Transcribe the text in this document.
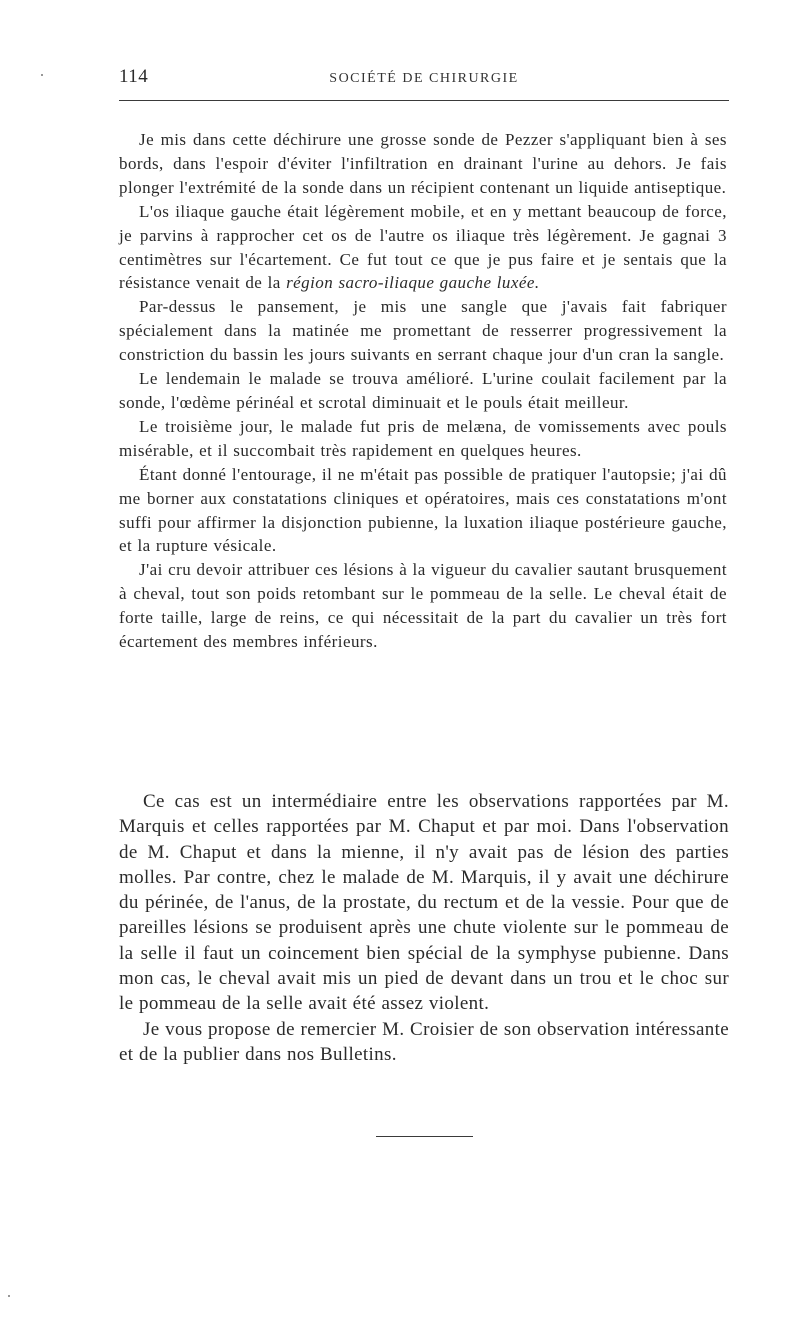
114	SOCIÉTÉ DE CHIRURGIE

Je mis dans cette déchirure une grosse sonde de Pezzer s'appliquant bien à ses bords, dans l'espoir d'éviter l'infiltration en drainant l'urine au dehors. Je fais plonger l'extrémité de la sonde dans un récipient contenant un liquide antiseptique.

L'os iliaque gauche était légèrement mobile, et en y mettant beaucoup de force, je parvins à rapprocher cet os de l'autre os iliaque très légèrement. Je gagnai 3 centimètres sur l'écartement. Ce fut tout ce que je pus faire et je sentais que la résistance venait de la région sacro-iliaque gauche luxée.

Par-dessus le pansement, je mis une sangle que j'avais fait fabriquer spécialement dans la matinée me promettant de resserrer progressivement la constriction du bassin les jours suivants en serrant chaque jour d'un cran la sangle.

Le lendemain le malade se trouva amélioré. L'urine coulait facilement par la sonde, l'œdème périnéal et scrotal diminuait et le pouls était meilleur.

Le troisième jour, le malade fut pris de melæna, de vomissements avec pouls misérable, et il succombait très rapidement en quelques heures.

Étant donné l'entourage, il ne m'était pas possible de pratiquer l'autopsie; j'ai dû me borner aux constatations cliniques et opératoires, mais ces constatations m'ont suffi pour affirmer la disjonction pubienne, la luxation iliaque postérieure gauche, et la rupture vésicale.

J'ai cru devoir attribuer ces lésions à la vigueur du cavalier sautant brusquement à cheval, tout son poids retombant sur le pommeau de la selle. Le cheval était de forte taille, large de reins, ce qui nécessitait de la part du cavalier un très fort écartement des membres inférieurs.

Ce cas est un intermédiaire entre les observations rapportées par M. Marquis et celles rapportées par M. Chaput et par moi. Dans l'observation de M. Chaput et dans la mienne, il n'y avait pas de lésion des parties molles. Par contre, chez le malade de M. Marquis, il y avait une déchirure du périnée, de l'anus, de la prostate, du rectum et de la vessie. Pour que de pareilles lésions se produisent après une chute violente sur le pommeau de la selle il faut un coincement bien spécial de la symphyse pubienne. Dans mon cas, le cheval avait mis un pied de devant dans un trou et le choc sur le pommeau de la selle avait été assez violent.

Je vous propose de remercier M. Croisier de son observation intéressante et de la publier dans nos Bulletins.
